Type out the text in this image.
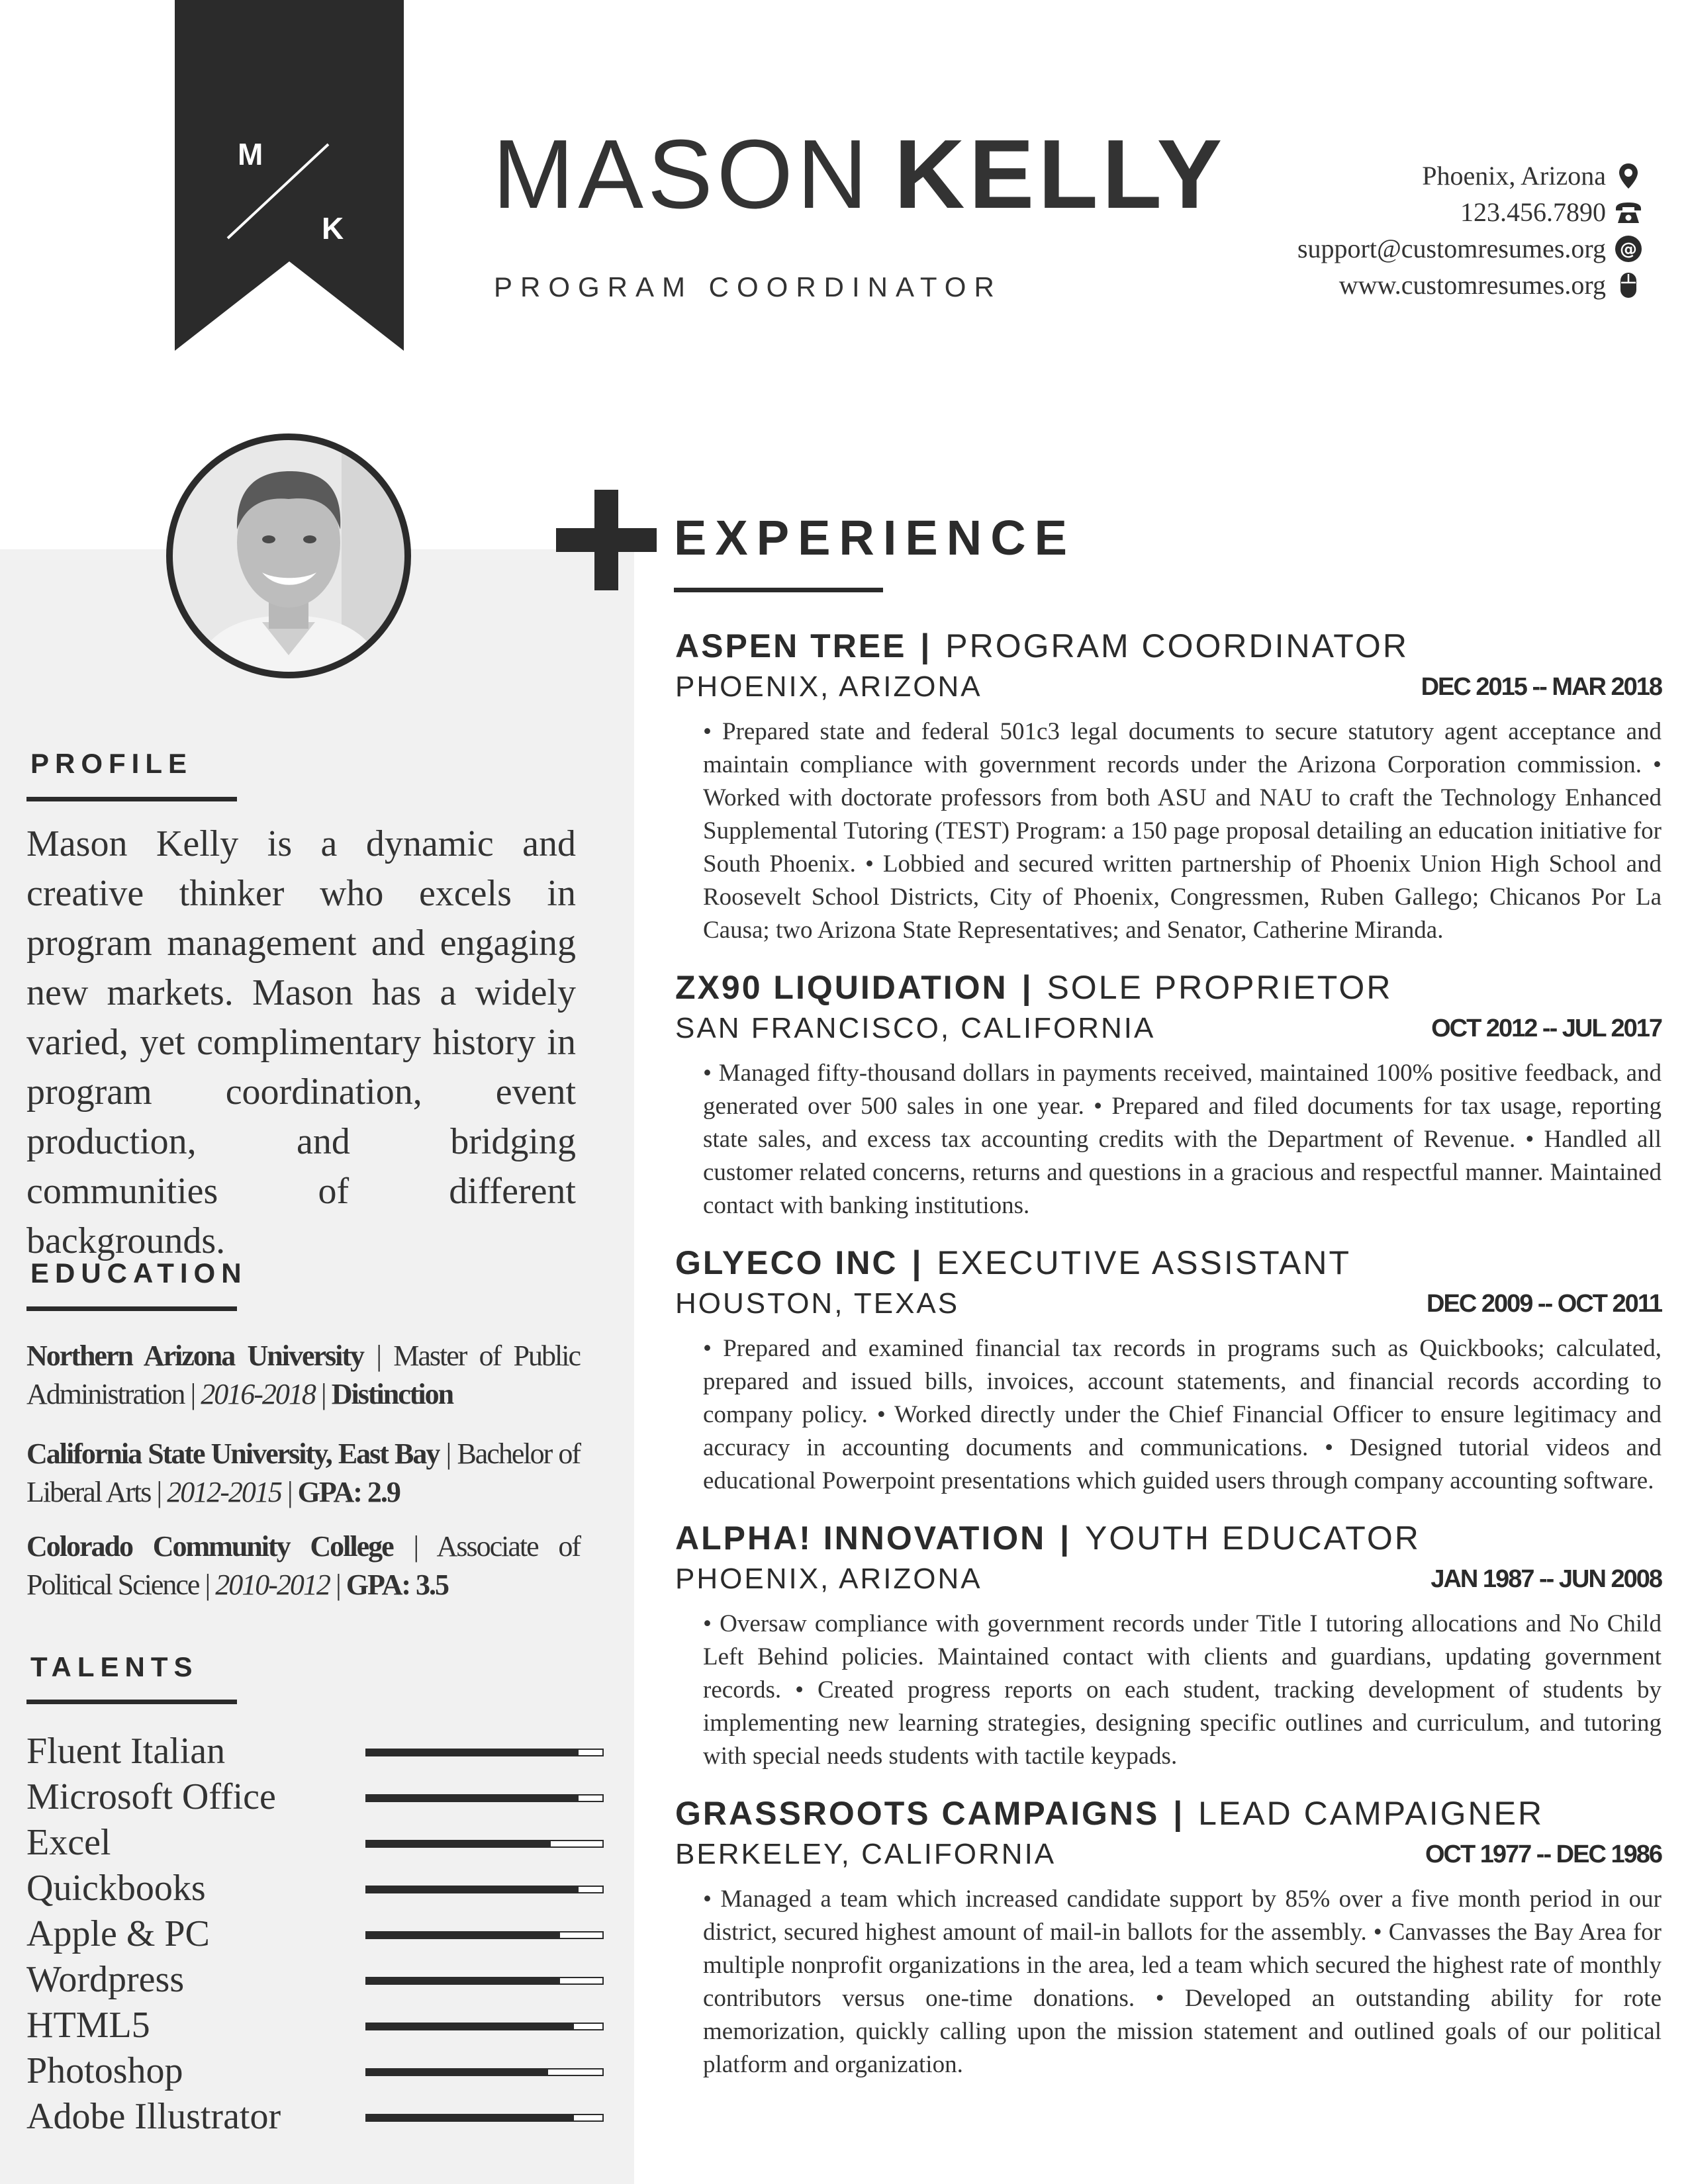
M
K MASON KELLY
PROGRAM COORDINATOR
Phoenix, Arizona
123.456.7890
support@customresumes.org @
www.customresumes.org
PROFILE
Mason Kelly is a dynamic and creative thinker who excels in program management and engaging new markets. Mason has a widely varied, yet complimentary history in program coordination, event production, and bridging communities of different backgrounds.
EDUCATION
Northern Arizona University | Master of Public Administration | 2016-2018 | Distinction
California State University, East Bay | Bachelor of Liberal Arts | 2012-2015 | GPA: 2.9
Colorado Community College | Associate of Political Science | 2010-2012 | GPA: 3.5
TALENTS
Fluent Italian
Microsoft Office
Excel
Quickbooks
Apple & PC
Wordpress
HTML5
Photoshop
Adobe Illustrator
EXPERIENCE
ASPEN TREE | PROGRAM COORDINATOR
PHOENIX, ARIZONA	DEC 2015 -- MAR 2018
• Prepared state and federal 501c3 legal documents to secure statutory agent acceptance and maintain compliance with government records under the Arizona Corporation commission. • Worked with doctorate professors from both ASU and NAU to craft the Technology Enhanced Supplemental Tutoring (TEST) Program: a 150 page proposal detailing an education initiative for South Phoenix. • Lobbied and secured written partnership of Phoenix Union High School and Roosevelt School Districts, City of Phoenix, Congressmen, Ruben Gallego; Chicanos Por La Causa; two Arizona State Representatives; and Senator, Catherine Miranda.
ZX90 LIQUIDATION | SOLE PROPRIETOR
SAN FRANCISCO, CALIFORNIA	OCT 2012 -- JUL 2017
• Managed fifty-thousand dollars in payments received, maintained 100% positive feedback, and generated over 500 sales in one year. • Prepared and filed documents for tax usage, reporting state sales, and excess tax accounting credits with the Department of Revenue. • Handled all customer related concerns, returns and questions in a gracious and respectful manner. Maintained contact with banking institutions.
GLYECO INC | EXECUTIVE ASSISTANT
HOUSTON, TEXAS	DEC 2009 -- OCT 2011
• Prepared and examined financial tax records in programs such as Quickbooks; calculated, prepared and issued bills, invoices, account statements, and financial records according to company policy. • Worked directly under the Chief Financial Officer to ensure legitimacy and accuracy in accounting documents and communications. • Designed tutorial videos and educational Powerpoint presentations which guided users through company accounting software.
ALPHA! INNOVATION | YOUTH EDUCATOR
PHOENIX, ARIZONA	JAN 1987 -- JUN 2008
• Oversaw compliance with government records under Title I tutoring allocations and No Child Left Behind policies. Maintained contact with clients and guardians, updating government records. • Created progress reports on each student, tracking development of students by implementing new learning strategies, designing specific outlines and curriculum, and tutoring with special needs students with tactile keypads.
GRASSROOTS CAMPAIGNS | LEAD CAMPAIGNER
BERKELEY, CALIFORNIA	OCT 1977 -- DEC 1986
• Managed a team which increased candidate support by 85% over a five month period in our district, secured highest amount of mail-in ballots for the assembly. • Canvasses the Bay Area for multiple nonprofit organizations in the area, led a team which secured the highest rate of monthly contributors versus one-time donations. • Developed an outstanding ability for rote memorization, quickly calling upon the mission statement and outlined goals of our political platform and organization.
